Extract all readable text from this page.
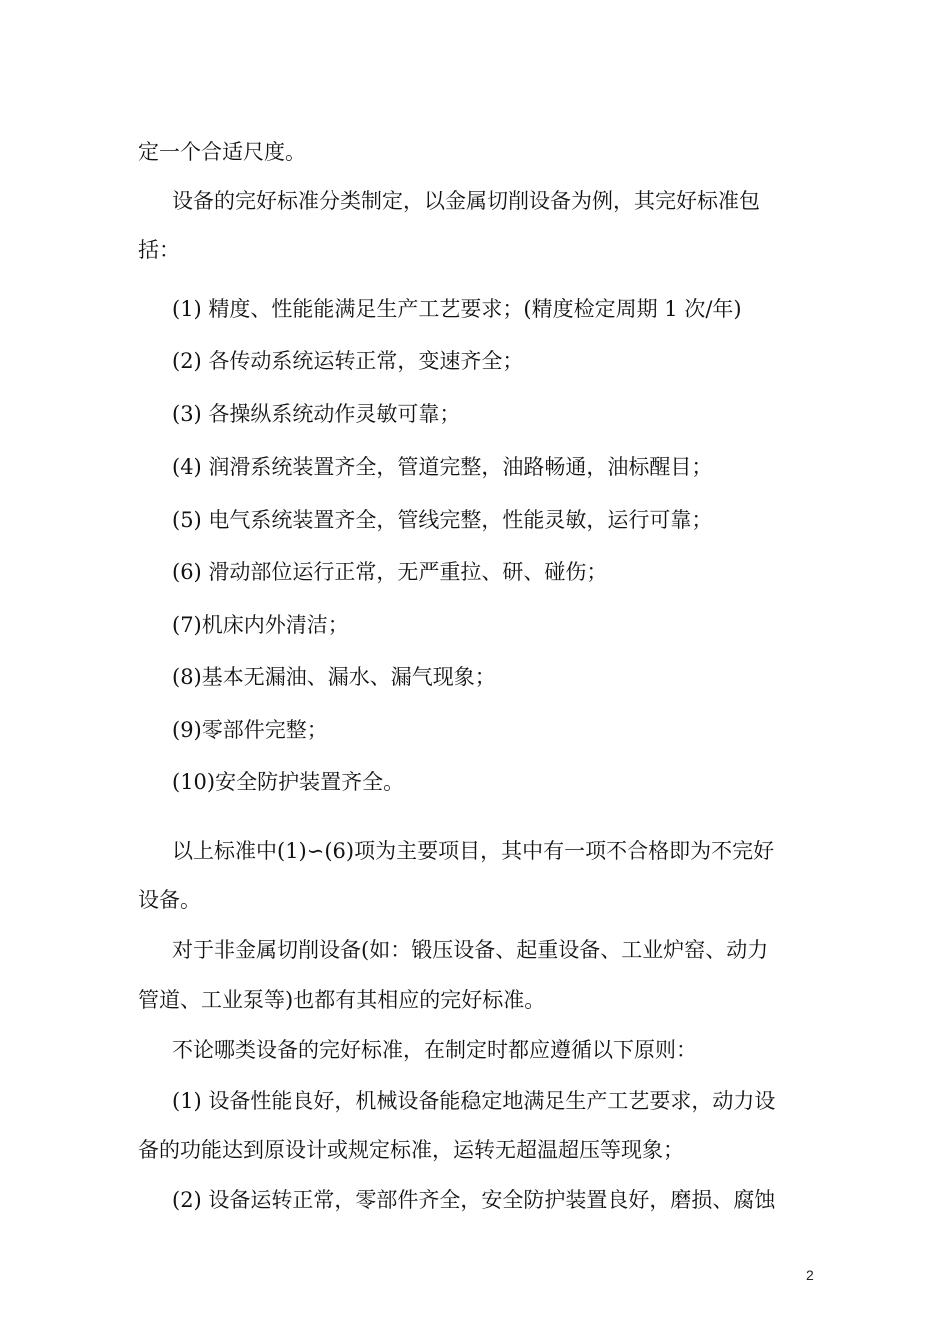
定一个合适尺度。
设备的完好标准分类制定，以金属切削设备为例，其完好标准包
括：
(1) 精度、性能能满足生产工艺要求；(精度检定周期 1 次/年)
(2) 各传动系统运转正常，变速齐全；
(3) 各操纵系统动作灵敏可靠；
(4) 润滑系统装置齐全，管道完整，油路畅通，油标醒目；
(5) 电气系统装置齐全，管线完整，性能灵敏，运行可靠；
(6) 滑动部位运行正常，无严重拉、研、碰伤；
(7)机床内外清洁；
(8)基本无漏油、漏水、漏气现象；
(9)零部件完整；
(10)安全防护装置齐全。
以上标准中(1)∽(6)项为主要项目，其中有一项不合格即为不完好
设备。
对于非金属切削设备(如：锻压设备、起重设备、工业炉窑、动力
管道、工业泵等)也都有其相应的完好标准。
不论哪类设备的完好标准，在制定时都应遵循以下原则：
(1) 设备性能良好，机械设备能稳定地满足生产工艺要求，动力设
备的功能达到原设计或规定标准，运转无超温超压等现象；
(2) 设备运转正常，零部件齐全，安全防护装置良好，磨损、腐蚀
2
